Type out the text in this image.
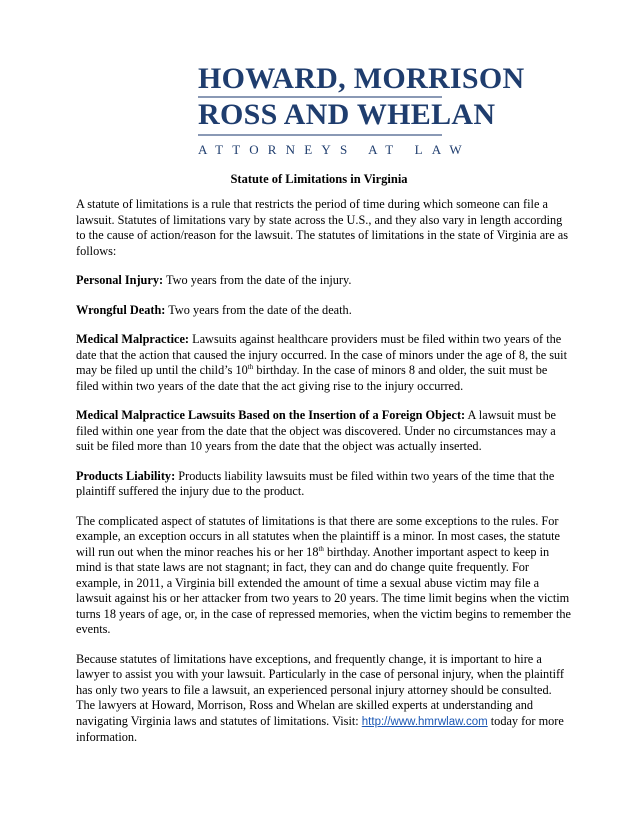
HOWARD, MORRISON
ROSS AND WHELAN
ATTORNEYS AT LAW
Statute of Limitations in Virginia

A statute of limitations is a rule that restricts the period of time during which someone can file a lawsuit. Statutes of limitations vary by state across the U.S., and they also vary in length according to the cause of action/reason for the lawsuit. The statutes of limitations in the state of Virginia are as follows:

Personal Injury: Two years from the date of the injury.

Wrongful Death: Two years from the date of the death.

Medical Malpractice: Lawsuits against healthcare providers must be filed within two years of the date that the action that caused the injury occurred. In the case of minors under the age of 8, the suit may be filed up until the child’s 10th birthday. In the case of minors 8 and older, the suit must be filed within two years of the date that the act giving rise to the injury occurred.

Medical Malpractice Lawsuits Based on the Insertion of a Foreign Object: A lawsuit must be filed within one year from the date that the object was discovered. Under no circumstances may a suit be filed more than 10 years from the date that the object was actually inserted.

Products Liability: Products liability lawsuits must be filed within two years of the time that the plaintiff suffered the injury due to the product.

The complicated aspect of statutes of limitations is that there are some exceptions to the rules. For example, an exception occurs in all statutes when the plaintiff is a minor. In most cases, the statute will run out when the minor reaches his or her 18th birthday. Another important aspect to keep in mind is that state laws are not stagnant; in fact, they can and do change quite frequently. For example, in 2011, a Virginia bill extended the amount of time a sexual abuse victim may file a lawsuit against his or her attacker from two years to 20 years. The time limit begins when the victim turns 18 years of age, or, in the case of repressed memories, when the victim begins to remember the events.

Because statutes of limitations have exceptions, and frequently change, it is important to hire a lawyer to assist you with your lawsuit. Particularly in the case of personal injury, when the plaintiff has only two years to file a lawsuit, an experienced personal injury attorney should be consulted. The lawyers at Howard, Morrison, Ross and Whelan are skilled experts at understanding and navigating Virginia laws and statutes of limitations. Visit: http://www.hmrwlaw.com today for more information.
